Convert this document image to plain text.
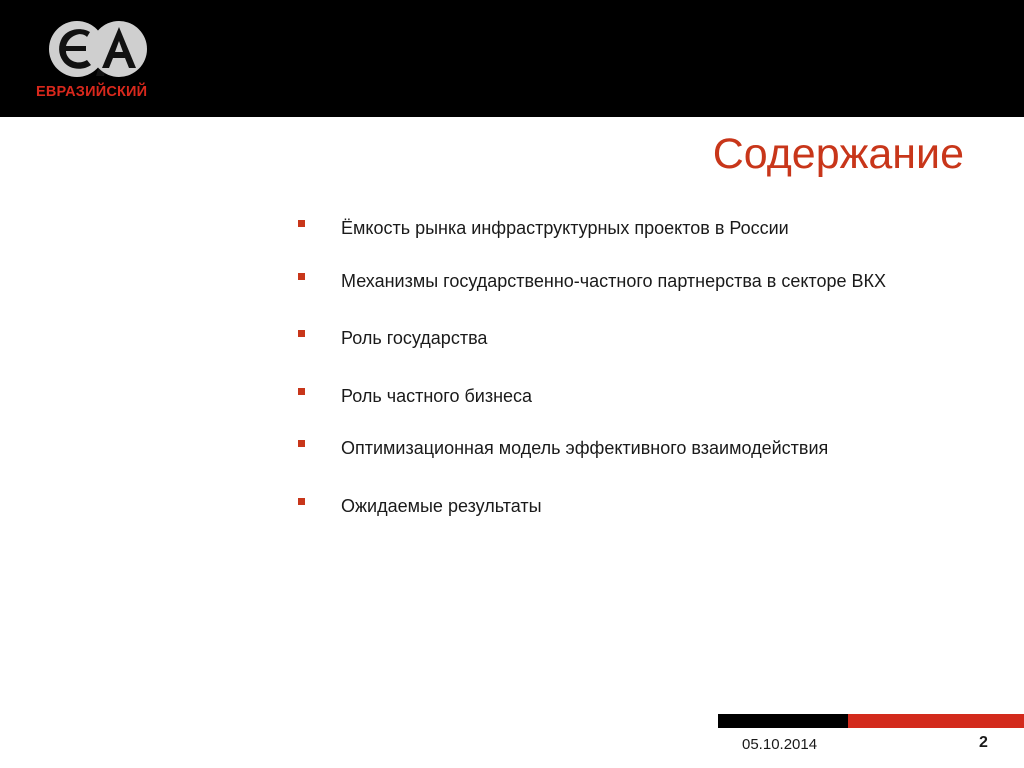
ЕВРАЗИЙСКИЙ
Содержание
Ёмкость рынка инфраструктурных проектов в России
Механизмы государственно-частного партнерства в секторе ВКХ
Роль государства
Роль частного бизнеса
Оптимизационная модель эффективного взаимодействия
Ожидаемые результаты
05.10.2014	2
